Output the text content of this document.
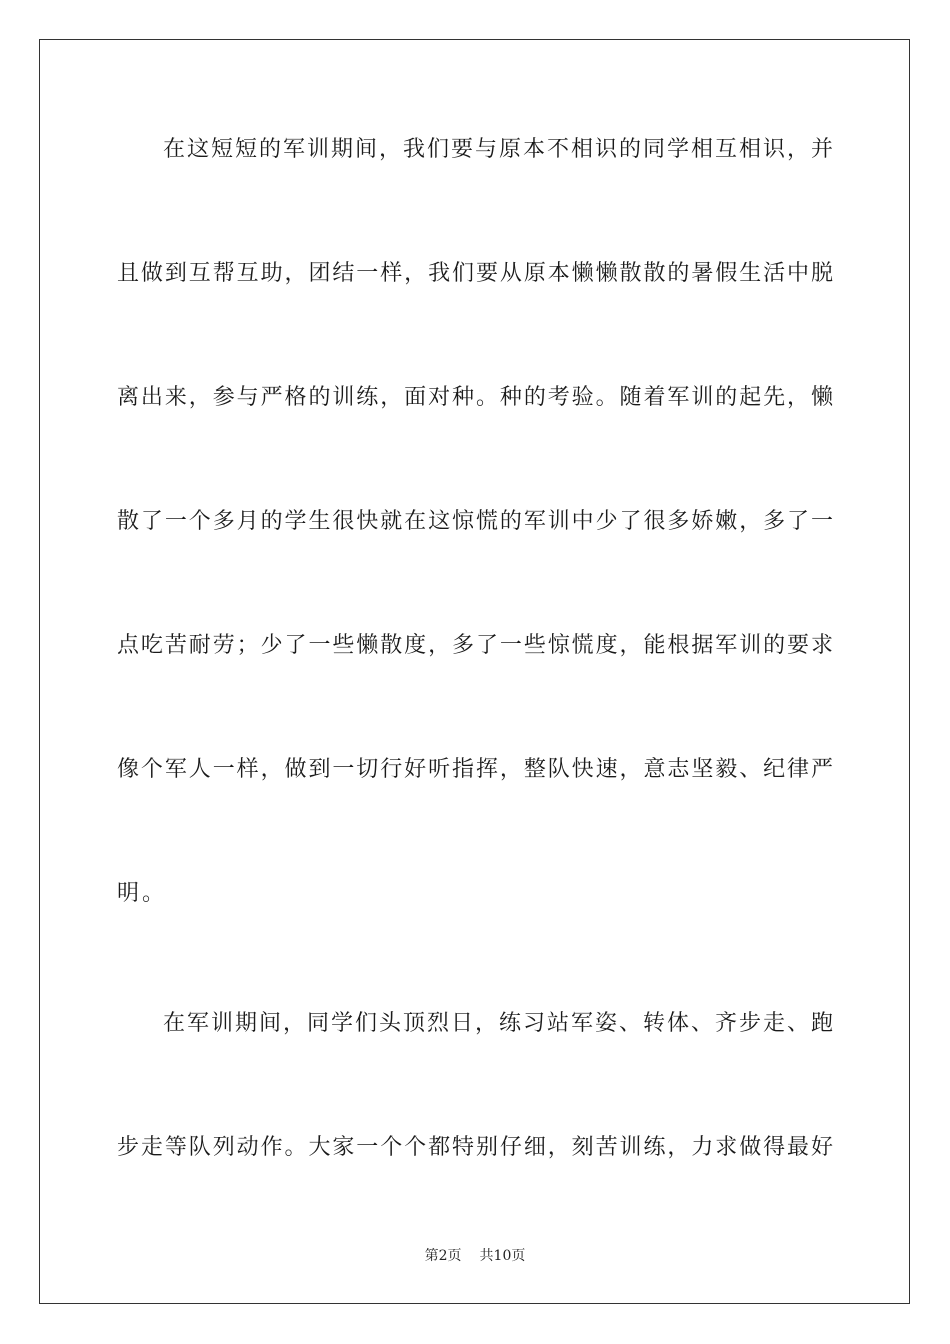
在这短短的军训期间，我们要与原本不相识的同学相互相识，并
且做到互帮互助，团结一样，我们要从原本懒懒散散的暑假生活中脱
离出来，参与严格的训练，面对种。种的考验。随着军训的起先，懒
散了一个多月的学生很快就在这惊慌的军训中少了很多娇嫩，多了一
点吃苦耐劳；少了一些懒散度，多了一些惊慌度，能根据军训的要求
像个军人一样，做到一切行好听指挥，整队快速，意志坚毅、纪律严
明。
在军训期间，同学们头顶烈日，练习站军姿、转体、齐步走、跑
步走等队列动作。大家一个个都特别仔细，刻苦训练，力求做得最好
第2页 共10页
